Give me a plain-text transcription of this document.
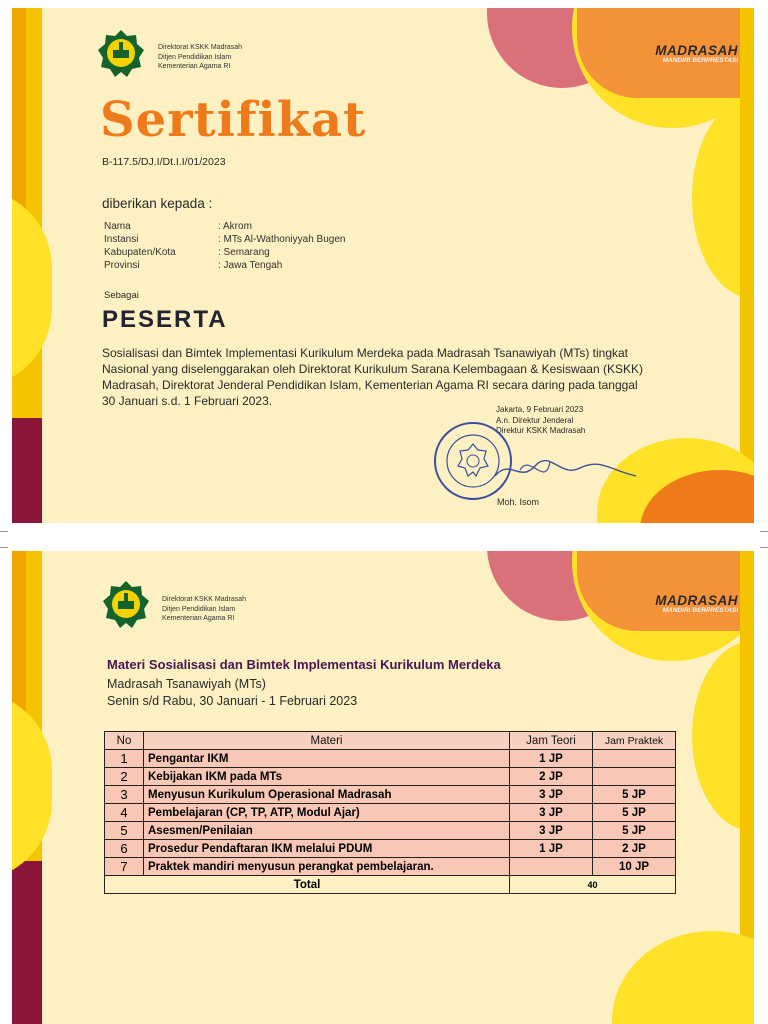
Direktorat KSKK Madrasah
Ditjen Pendidikan Islam
Kementerian Agama RI
MADRASAH
MANDIRI BERPRESTASI
Sertifikat
B-117.5/DJ.I/Dt.I.I/01/2023
diberikan kepada :
Nama	: Akrom
Instansi	: MTs Al-Wathoniyyah Bugen
Kabupaten/Kota	: Semarang
Provinsi	: Jawa Tengah
Sebagai
PESERTA
Sosialisasi dan Bimtek Implementasi Kurikulum Merdeka pada Madrasah Tsanawiyah (MTs) tingkat
Nasional yang diselenggarakan oleh Direktorat Kurikulum Sarana Kelembagaan & Kesiswaan (KSKK)
Madrasah, Direktorat Jenderal Pendidikan Islam, Kementerian Agama RI secara daring pada tanggal
30 Januari s.d. 1 Februari 2023.
Jakarta, 9 Februari 2023
A.n. Direktur Jenderal
Direktur KSKK Madrasah
Moh. Isom
Direktorat KSKK Madrasah
Ditjen Pendidikan Islam
Kementerian Agama RI
MADRASAH
MANDIRI BERPRESTASI
Materi Sosialisasi dan Bimtek Implementasi Kurikulum Merdeka
Madrasah Tsanawiyah (MTs)
Senin s/d Rabu, 30 Januari - 1 Februari 2023
No	Materi	Jam Teori	Jam Praktek
1	Pengantar IKM	1 JP	
2	Kebijakan IKM pada MTs	2 JP	
3	Menyusun Kurikulum Operasional Madrasah	3 JP	5 JP
4	Pembelajaran (CP, TP, ATP, Modul Ajar)	3 JP	5 JP
5	Asesmen/Penilaian	3 JP	5 JP
6	Prosedur Pendaftaran IKM melalui PDUM	1 JP	2 JP
7	Praktek mandiri menyusun perangkat pembelajaran.		10 JP
Total		40	
